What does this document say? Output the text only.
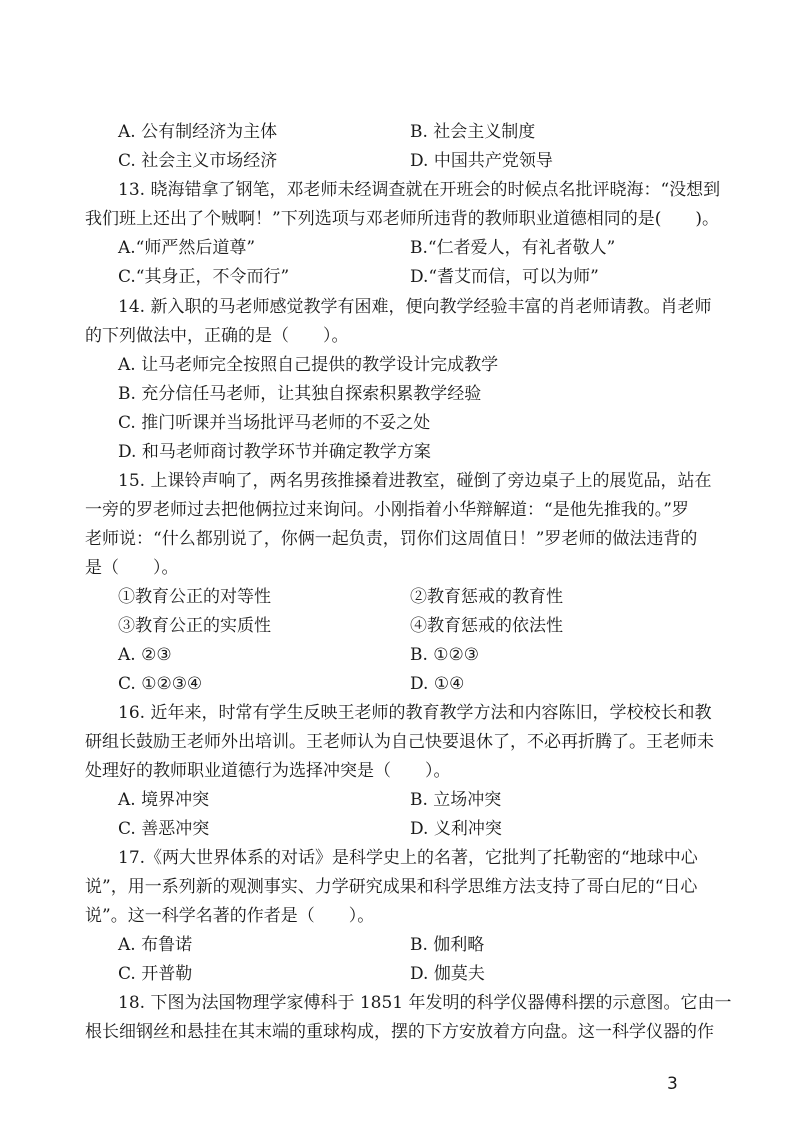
A. 公有制经济为主体	B. 社会主义制度
C. 社会主义市场经济	D. 中国共产党领导
13. 晓海错拿了钢笔，邓老师未经调查就在开班会的时候点名批评晓海：“没想到
我们班上还出了个贼啊！”下列选项与邓老师所违背的教师职业道德相同的是(　　)。
A.“师严然后道尊”	B.“仁者爱人，有礼者敬人”
C.“其身正，不令而行”	D.“耆艾而信，可以为师”
14. 新入职的马老师感觉教学有困难，便向教学经验丰富的肖老师请教。肖老师
的下列做法中，正确的是（　　）。
A. 让马老师完全按照自己提供的教学设计完成教学
B. 充分信任马老师，让其独自探索积累教学经验
C. 推门听课并当场批评马老师的不妥之处
D. 和马老师商讨教学环节并确定教学方案
15. 上课铃声响了，两名男孩推搡着进教室，碰倒了旁边桌子上的展览品，站在
一旁的罗老师过去把他俩拉过来询问。小刚指着小华辩解道：“是他先推我的。”罗
老师说：“什么都别说了，你俩一起负责，罚你们这周值日！”罗老师的做法违背的
是（　　）。
①教育公正的对等性	②教育惩戒的教育性
③教育公正的实质性	④教育惩戒的依法性
A. ②③	B. ①②③
C. ①②③④	D. ①④
16. 近年来，时常有学生反映王老师的教育教学方法和内容陈旧，学校校长和教
研组长鼓励王老师外出培训。王老师认为自己快要退休了，不必再折腾了。王老师未
处理好的教师职业道德行为选择冲突是（　　）。
A. 境界冲突	B. 立场冲突
C. 善恶冲突	D. 义利冲突
17.《两大世界体系的对话》是科学史上的名著，它批判了托勒密的“地球中心
说”，用一系列新的观测事实、力学研究成果和科学思维方法支持了哥白尼的“日心
说”。这一科学名著的作者是（　　）。
A. 布鲁诺	B. 伽利略
C. 开普勒	D. 伽莫夫
18. 下图为法国物理学家傅科于 1851 年发明的科学仪器傅科摆的示意图。它由一
根长细钢丝和悬挂在其末端的重球构成，摆的下方安放着方向盘。这一科学仪器的作
3
